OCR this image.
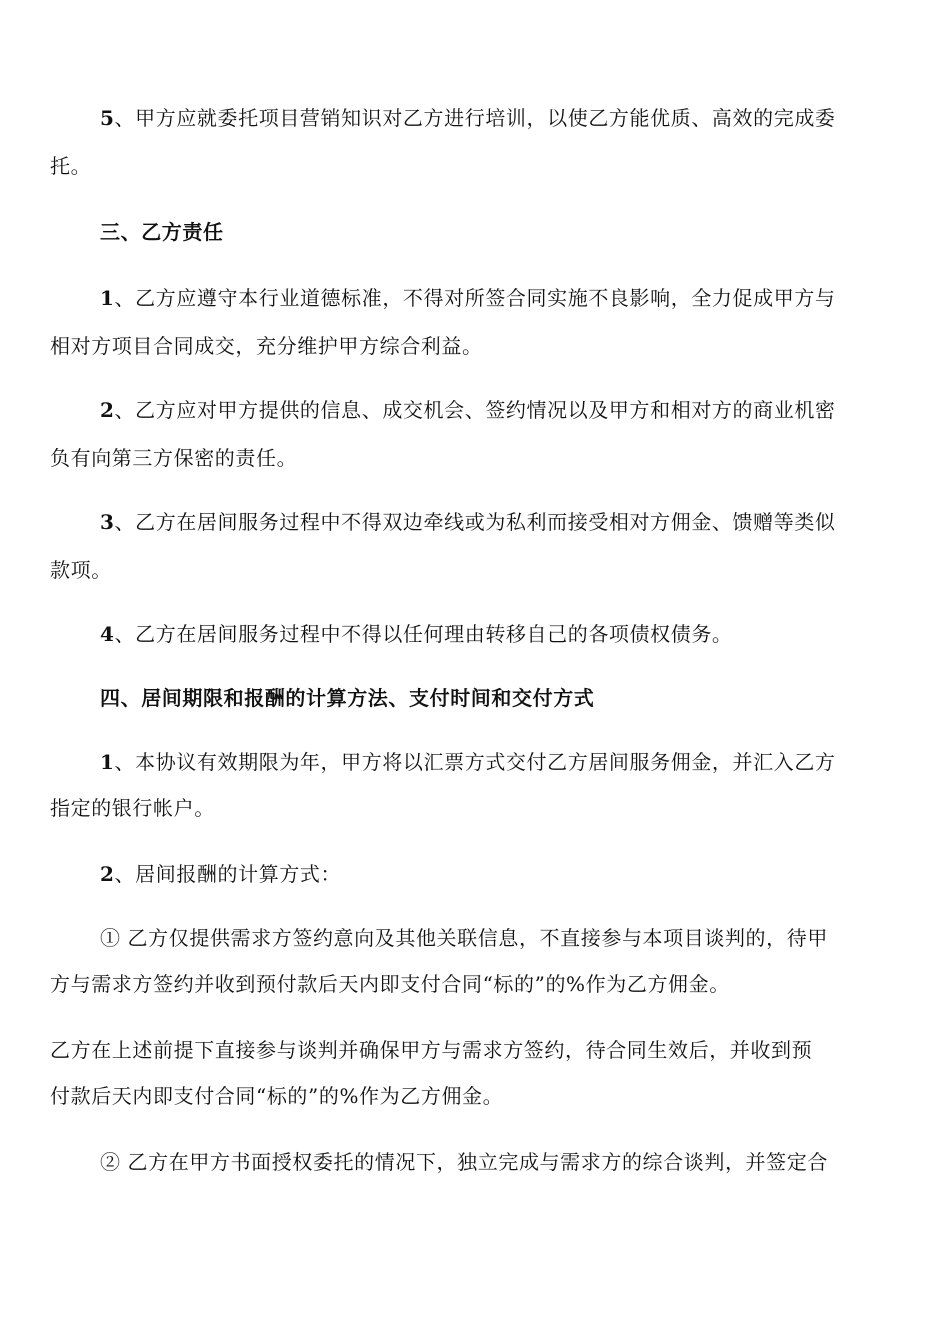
5、甲方应就委托项目营销知识对乙方进行培训，以使乙方能优质、高效的完成委
托。
三、乙方责任
1、乙方应遵守本行业道德标准，不得对所签合同实施不良影响，全力促成甲方与
相对方项目合同成交，充分维护甲方综合利益。
2、乙方应对甲方提供的信息、成交机会、签约情况以及甲方和相对方的商业机密
负有向第三方保密的责任。
3、乙方在居间服务过程中不得双边牵线或为私利而接受相对方佣金、馈赠等类似
款项。
4、乙方在居间服务过程中不得以任何理由转移自己的各项债权债务。
四、居间期限和报酬的计算方法、支付时间和交付方式
1、本协议有效期限为年，甲方将以汇票方式交付乙方居间服务佣金，并汇入乙方
指定的银行帐户。
2、居间报酬的计算方式：
① 乙方仅提供需求方签约意向及其他关联信息，不直接参与本项目谈判的，待甲
方与需求方签约并收到预付款后天内即支付合同“标的”的%作为乙方佣金。
乙方在上述前提下直接参与谈判并确保甲方与需求方签约，待合同生效后，并收到预
付款后天内即支付合同“标的”的%作为乙方佣金。
② 乙方在甲方书面授权委托的情况下，独立完成与需求方的综合谈判，并签定合
